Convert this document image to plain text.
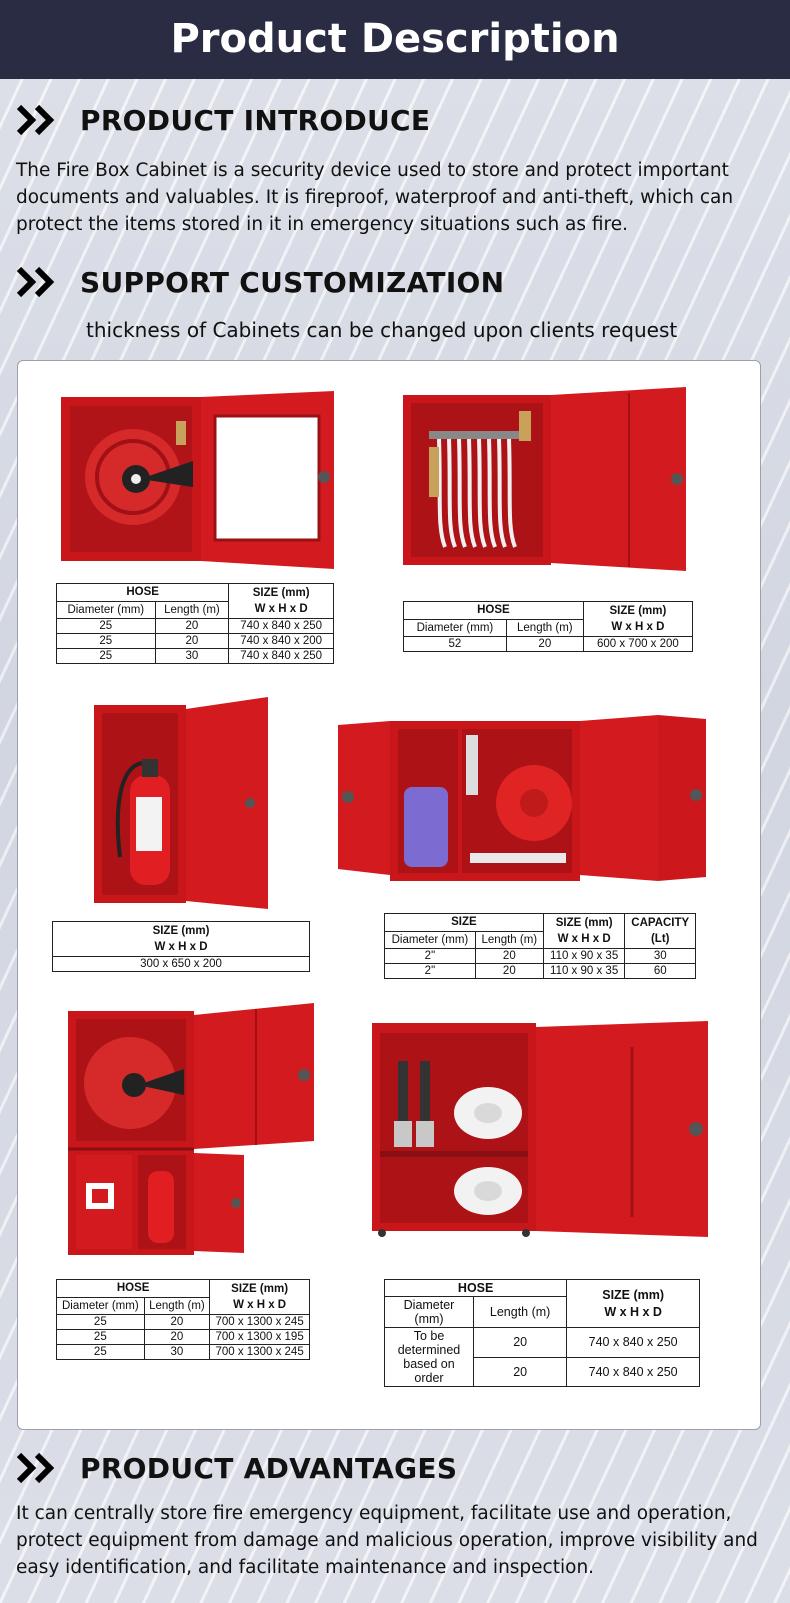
Product Description
PRODUCT INTRODUCE
The Fire Box Cabinet is a security device used to store and protect important documents and valuables. It is fireproof, waterproof and anti-theft, which can protect the items stored in it in emergency situations such as fire.
SUPPORT CUSTOMIZATION
thickness of Cabinets can be changed upon clients request
HOSE		SIZE (mm)
W x H x D
Diameter (mm)	Length (m)	
25	20	740 x 840 x 250
25	20	740 x 840 x 200
25	30	740 x 840 x 250
HOSE		SIZE (mm)
W x H x D
Diameter (mm)	Length (m)	
52	20	600 x 700 x 200
SIZE (mm)
W x H x D
300 x 650 x 200
SIZE		SIZE (mm)
W x H x D	CAPACITY
(Lt)
Diameter (mm)	Length (m)		
2"	20	110 x 90 x 35	30
2"	20	110 x 90 x 35	60
HOSE		SIZE (mm)
W x H x D
Diameter (mm)	Length (m)	
25	20	700 x 1300 x 245
25	20	700 x 1300 x 195
25	30	700 x 1300 x 245
HOSE		SIZE (mm)
W x H x D
Diameter (mm)	Length (m)	
To be determined based on order	20	740 x 840 x 250
	20	740 x 840 x 250
PRODUCT ADVANTAGES
It can centrally store fire emergency equipment, facilitate use and operation, protect equipment from damage and malicious operation, improve visibility and easy identification, and facilitate maintenance and inspection.
